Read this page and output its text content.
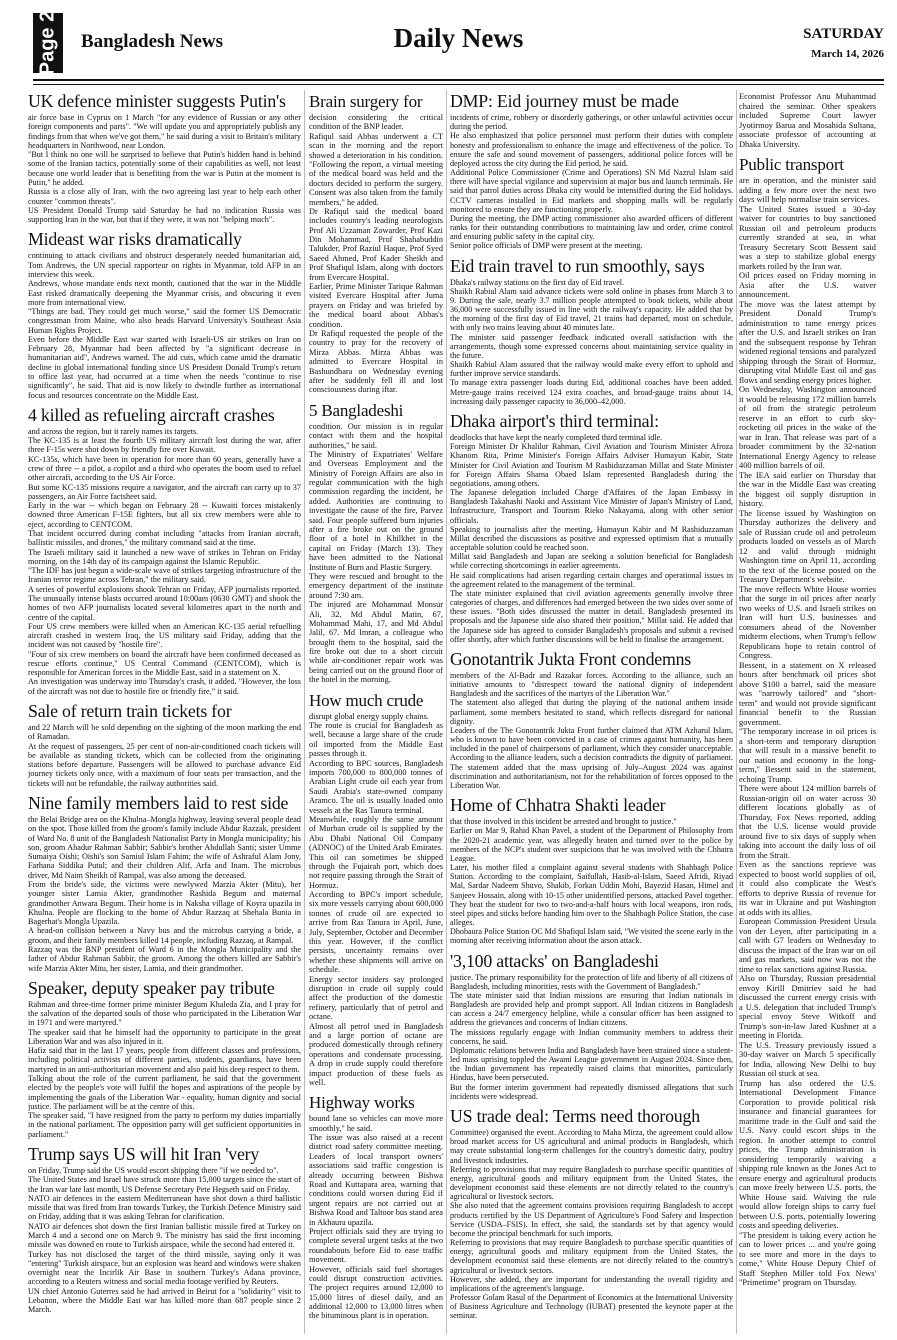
Page 2 Bangladesh News	Daily News	SATURDAY
March 14, 2026
UK defence minister suggests Putin's

air force base in Cyprus on 1 March "for any evidence of Russian or any other foreign components and parts". "We will update you and appropriately publish any findings from that when we've got them," he said during a visit to Britain's military headquarters in Northwood, near London.

"But I think no one will be surprised to believe that Putin's hidden hand is behind some of the Iranian tactics, potentially some of their capabilities as well, not least because one world leader that is benefiting from the war is Putin at the moment is Putin," he added.

Russia is a close ally of Iran, with the two agreeing last year to help each other counter "common threats".

US President Donald Trump said Saturday he had no indication Russia was supporting Iran in the war, but that if they were, it was not "helping much".

Mideast war risks dramatically

continuing to attack civilians and obstruct desperately needed humanitarian aid, Tom Andrews, the UN special rapporteur on rights in Myanmar, told AFP in an interview this week.

Andrews, whose mandate ends next month, cautioned that the war in the Middle East risked dramatically deepening the Myanmar crisis, and obscuring it even more from international view.

"Things are bad. They could get much worse," said the former US Democratic congressman from Maine, who also heads Harvard University's Southeast Asia Human Rights Project.

Even before the Middle East war started with Israeli-US air strikes on Iran on February 28, Myanmar had been affected by "a significant decrease in humanitarian aid", Andrews warned. The aid cuts, which came amid the dramatic decline in global international funding since US President Donald Trump's return to office last year, had occurred at a time when the needs "continue to rise significantly", he said. That aid is now likely to dwindle further as international focus and resources concentrate on the Middle East.

4 killed as refueling aircraft crashes

and across the region, but it rarely names its targets.

The KC-135 is at least the fourth US military aircraft lost during the war, after three F-15s were shot down by friendly fire over Kuwait.

KC-135s, which have been in operation for more than 60 years, generally have a crew of three -- a pilot, a copilot and a third who operates the boom used to refuel other aircraft, according to the US Air Force.

But some KC-135 missions require a navigator, and the aircraft can carry up to 37 passengers, an Air Force factsheet said.

Early in the war -- which began on February 28 -- Kuwaiti forces mistakenly downed three American F-15E fighters, but all six crew members were able to eject, according to CENTCOM.

That incident occurred during combat including "attacks from Iranian aircraft, ballistic missiles, and drones," the military command said at the time.

The Israeli military said it launched a new wave of strikes in Tehran on Friday morning, on the 14th day of its campaign against the Islamic Republic.

"The IDF has just begun a wide-scale wave of strikes targeting infrastructure of the Iranian terror regime across Tehran," the military said.

A series of powerful explosions shook Tehran on Friday, AFP journalists reported. The unusually intense blasts occurred around 10:00am (0630 GMT) and shook the homes of two AFP journalists located several kilometres apart in the north and centre of the capital.

Four US crew members were killed when an American KC-135 aerial refuelling aircraft crashed in western Iraq, the US military said Friday, adding that the incident was not caused by "hostile fire".

"Four of six crew members on board the aircraft have been confirmed deceased as rescue efforts continue," US Central Command (CENTCOM), which is responsible for American forces in the Middle East, said in a statement on X.

An investigation was underway into Thursday's crash, it added. "However, the loss of the aircraft was not due to hostile fire or friendly fire," it said.

Sale of return train tickets for

and 22 March will be sold depending on the sighting of the moon marking the end of Ramadan.

At the request of passengers, 25 per cent of non-air-conditioned coach tickets will be available as standing tickets, which can be collected from the originating stations before departure. Passengers will be allowed to purchase advance Eid journey tickets only once, with a maximum of four seats per transaction, and the tickets will not be refundable, the railway authorities said.

Nine family members laid to rest side

the Belai Bridge area on the Khulna–Mongla highway, leaving several people dead on the spot. Those killed from the groom's family include Abdur Razzak, president of Ward No. 8 unit of the Bangladesh Nationalist Party in Mongla municipality; his son, groom Abadur Rahman Sabbir; Sabbir's brother Abdullah Santi; sister Umme Sumaiya Oishi; Oishi's son Samiul Islam Fahim; the wife of Ashraful Alam Jony, Farhana Siddika Putul; and their children Alif, Arfa and Inam. The microbus driver, Md Naim Sheikh of Rampal, was also among the deceased.

From the bride's side, the victims were newlywed Marzia Akter (Mitu), her younger sister Lamia Akter, grandmother Rashida Begum and maternal grandmother Anwara Begum. Their home is in Naksha village of Koyra upazila in Khulna. People are flocking to the home of Abdur Razzaq at Shehala Bunia in Bagerhat's Mongla Upazila.

A head-on collision between a Navy bus and the microbus carrying a bride, a groom, and their family members killed 14 people, including Razzaq, at Rampal.

Razzaq was the BNP president of Ward 6 in the Mongla Municipality and the father of Abdur Rahman Sabbir, the groom. Among the others killed are Sabbir's wife Marzia Akter Mitu, her sister, Lamia, and their grandmother.

Speaker, deputy speaker pay tribute

Rahman and three-time former prime minister Begum Khaleda Zia, and I pray for the salvation of the departed souls of those who participated in the Liberation War in 1971 and were martyred."

The speaker said that he himself had the opportunity to participate in the great Liberation War and was also injured in it.

Hafiz said that in the last 17 years, people from different classes and professions, including political activists of different parties, students, guardians, have been martyred in an anti-authoritarian movement and also paid his deep respect to them.

Talking about the role of the current parliament, he said that the government elected by the people's vote will fulfil the hopes and aspirations of the people by implementing the goals of the Liberation War - equality, human dignity and social justice. The parliament will be at the centre of this.

The speaker said, "I have resigned from the party to perform my duties impartially in the national parliament. The opposition party will get sufficient opportunities in parliament."

Trump says US will hit Iran 'very

on Friday, Trump said the US would escort shipping there "if we needed to".

The United States and Israel have struck more than 15,000 targets since the start of the Iran war late last month, US Defense Secretary Pete Hegseth said on Friday.

NATO air defences in the eastern Mediterranean have shot down a third ballistic missile that was fired from Iran towards Turkey, the Turkish Defence Ministry said on Friday, adding that it was asking Tehran for clarification.

NATO air defences shot down the first Iranian ballistic missile fired at Turkey on March 4 and a second one on March 9. The ministry has said the first incoming missile was downed en route to Turkish airspace, while the second had entered it.

Turkey has not disclosed the target of the third missile, saying only it was "entering" Turkish airspace, but an explosion was heard and windows were shaken overnight near the Incirlik Air Base in southern Turkey's Adana province, according to a Reuters witness and social media footage verified by Reuters.

UN chief Antonio Guterres said he had arrived in Beirut for a "solidarity" visit to Lebanon, where the Middle East war has killed more than 687 people since 2 March.

Brain surgery for

decision considering the critical condition of the BNP leader.

Rafiqul said Abbas underwent a CT scan in the morning and the report showed a deterioration in his condition. "Following the report, a virtual meeting of the medical board was held and the doctors decided to perform the surgery. Consent was also taken from the family members," he added.

Dr Rafiqul said the medical board includes country's leading neurologists Prof Ali Uzzaman Zowarder, Prof Kazi Din Mohammad, Prof Shahabuddin Talukder, Prof Raziul Haque, Prof Syed Saeed Ahmed, Prof Kader Sheikh and Prof Shafiqul Islam, along with doctors from Evercare Hospital.

Earlier, Prime Minister Tarique Rahman visited Evercare Hospital after Juma prayers on Friday and was briefed by the medical board about Abbas's condition.

Dr Rafiqul requested the people of the country to pray for the recovery of Mirza Abbas. Mirza Abbas was admitted to Evercare Hospital in Bashundhara on Wednesday evening after he suddenly fell ill and lost consciousness during iftar.

5 Bangladeshi

condition. Our mission is in regular contact with them and the hospital authorities," he said.

The Ministry of Expatriates' Welfare and Overseas Employment and the Ministry of Foreign Affairs are also in regular communication with the high commission regarding the incident, he added. Authorities are continuing to investigate the cause of the fire, Parvez said. Four people suffered burn injuries after a fire broke out on the ground floor of a hotel in Khilkhet in the capital on Friday (March 13). They have been admitted to the National Institute of Burn and Plastic Surgery.

They were rescued and brought to the emergency department of the institute around 7:30 am.

The injured are Mohammad Monsur Ali, 32, Md Abdul Matin, 67, Mohammad Mahi, 17, and Md Abdul Jalil, 67. Md Imran, a colleague who brought them to the hospital, said the fire broke out due to a short circuit while air-conditioner repair work was being carried out on the ground floor of the hotel in the morning.

How much crude

disrupt global energy supply chains.

The route is crucial for Bangladesh as well, because a large share of the crude oil imported from the Middle East passes through it.

According to BPC sources, Bangladesh imports 700,000 to 800,000 tonnes of Arabian Light crude oil each year from Saudi Arabia's state-owned company Aramco. The oil is usually loaded onto vessels at the Ras Tanura terminal.

Meanwhile, roughly the same amount of Murban crude oil is supplied by the Abu Dhabi National Oil Company (ADNOC) of the United Arab Emirates. This oil can sometimes be shipped through the Fujairah port, which does not require passing through the Strait of Hormuz.

According to BPC's import schedule, six more vessels carrying about 600,000 tonnes of crude oil are expected to arrive from Ras Tanura in April, June, July, September, October and December this year. However, if the conflict persists, uncertainty remains over whether these shipments will arrive on schedule.

Energy sector insiders say prolonged disruption in crude oil supply could affect the production of the domestic refinery, particularly that of petrol and octane.

Almost all petrol used in Bangladesh and a large portion of octane are produced domestically through refinery operations and condensate processing. A drop in crude supply could therefore impact production of these fuels as well.

Highway works

bound lane so vehicles can move more smoothly," he said.

The issue was also raised at a recent district road safety committee meeting. Leaders of local transport owners' associations said traffic congestion is already occurring between Bishwa Road and Kuttapara area, warning that conditions could worsen during Eid if urgent repairs are not carried out at Bishwa Road and Taltoor bus stand area in Akhaura upazila.

Project officials said they are trying to complete several urgent tasks at the two roundabouts before Eid to ease traffic movement.

However, officials said fuel shortages could disrupt construction activities. The project requires around 12,000 to 15,000 litres of diesel daily, and an additional 12,000 to 13,000 litres when the bituminous plant is in operation.

DMP: Eid journey must be made

incidents of crime, robbery or disorderly gatherings, or other unlawful activities occur during the period.

He also emphasized that police personnel must perform their duties with complete honesty and professionalism to enhance the image and effectiveness of the police. To ensure the safe and sound movement of passengers, additional police forces will be deployed across the city during the Eid period, he said.

Additional Police Commissioner (Crime and Operations) SN Md Nazrul Islam said there will have special vigilance and supervision at major bus and launch terminals. He said that patrol duties across Dhaka city would be intensified during the Eid holidays. CCTV cameras installed in Eid markets and shopping malls will be regularly monitored to ensure they are functioning properly.

During the meeting, the DMP acting commissioner also awarded officers of different ranks for their outstanding contributions to maintaining law and order, crime control and ensuring public safety in the capital city.

Senior police officials of DMP were present at the meeting.

Eid train travel to run smoothly, says

Dhaka's railway stations on the first day of Eid travel.

Shaikh Rabiul Alam said advance tickets were sold online in phases from March 3 to 9. During the sale, nearly 3.7 million people attempted to book tickets, while about 36,000 were successfully issued in line with the railway's capacity. He added that by the morning of the first day of Eid travel, 21 trains had departed, most on schedule, with only two trains leaving about 40 minutes late.

The minister said passenger feedback indicated overall satisfaction with the arrangements, though some expressed concerns about maintaining service quality in the future.

Shaikh Rabiul Alam assured that the railway would make every effort to uphold and further improve service standards.

To manage extra passenger loads during Eid, additional coaches have been added. Metre-gauge trains received 124 extra coaches, and broad-gauge trains about 14, increasing daily passenger capacity to 36,000–42,000.

Dhaka airport's third terminal:

deadlocks that have kept the nearly completed third terminal idle.

Foreign Minister Dr Khalilur Rahman, Civil Aviation and Tourism Minister Afroza Khanom Rita, Prime Minister's Foreign Affairs Adviser Humayun Kabir, State Minister for Civil Aviation and Tourism M Rashiduzzaman Millat and State Minister for Foreign Affairs Shama Obaed Islam represented Bangladesh during the negotiations, among others.

The Japanese delegation included Charge d'Affaires of the Japan Embassy in Bangladesh Takahashi Naoki and Assistant Vice Minister of Japan's Ministry of Land, Infrastructure, Transport and Tourism Rieko Nakayama, along with other senior officials.

Speaking to journalists after the meeting, Humayun Kabir and M Rashiduzzaman Millat described the discussions as positive and expressed optimism that a mutually acceptable solution could be reached soon.

Millat said Bangladesh and Japan are seeking a solution beneficial for Bangladesh while correcting shortcomings in earlier agreements.

He said complications had arisen regarding certain charges and operational issues in the agreement related to the management of the terminal.

The state minister explained that civil aviation agreements generally involve three categories of charges, and differences had emerged between the two sides over some of these issues. "Both sides discussed the matter in detail. Bangladesh presented its proposals and the Japanese side also shared their position," Millat said. He added that the Japanese side has agreed to consider Bangladesh's proposals and submit a revised offer shortly, after which further discussions will be held to finalise the arrangement.

Gonotantrik Jukta Front condemns

members of the Al-Badr and Razakar forces. According to the alliance, such an initiative amounts to "disrespect toward the national dignity of independent Bangladesh and the sacrifices of the martyrs of the Liberation War."

The statement also alleged that during the playing of the national anthem inside parliament, some members hesitated to stand, which reflects disregard for national dignity.

Leaders of the The Gonotantrik Jukta Front further claimed that ATM Azharul Islam, who is known to have been convicted in a case of crimes against humanity, has been included in the panel of chairpersons of parliament, which they consider unacceptable. According to the alliance leaders, such a decision contradicts the dignity of parliament. The statement added that the mass uprising of July–August 2024 was against discrimination and authoritarianism, not for the rehabilitation of forces opposed to the Liberation War.

Home of Chhatra Shakti leader

that those involved in this incident be arrested and brought to justice."

Earlier on Mar 9, Rahid Khan Pavel, a student of the Department of Philosophy from the 2020-21 academic year, was allegedly beaten and turned over to the police by members of the NCP's student over suspicions that he was involved with the Chhatra League.

Later, his mother filed a complaint against several students with Shahbagh Police Station. According to the complaint, Saifullah, Hasib-al-Islam, Saeed Afridi, Riyad Mal, Sardar Nadeem Shuvo, Shakib, Forkan Uddin Mohi, Bayezid Hasan, Himel and Sanjeev Hossain, along with 10-15 other unidentified persons, attacked Pavel together. They beat the student for two to two-and-a-half hours with local weapons, iron rods, steel pipes and sticks before handing him over to the Shahbagh Police Station, the case alleges.

Dhobaura Police Station OC Md Shafiqul Islam said, "We visited the scene early in the morning after receiving information about the arson attack.

'3,100 attacks' on Bangladeshi

justice. The primary responsibility for the protection of life and liberty of all citizens of Bangladesh, including minorities, rests with the Government of Bangladesh."

The state minister said that Indian missions are ensuring that Indian nationals in Bangladesh are provided help and prompt support. All Indian citizens in Bangladesh can access a 24/7 emergency helpline, while a consular officer has been assigned to address the grievances and concerns of Indian citizens.

The missions regularly engage with Indian community members to address their concerns, he said.

Diplomatic relations between India and Bangladesh have been strained since a student-led mass uprising toppled the Awami League government in August 2024. Since then, the Indian government has repeatedly raised claims that minorities, particularly Hindus, have been persecuted.

But the former interim government had repeatedly dismissed allegations that such incidents were widespread.

US trade deal: Terms need thorough

Committee) organised the event. According to Maha Mirza, the agreement could allow broad market access for US agricultural and animal products in Bangladesh, which may create substantial long-term challenges for the country's domestic dairy, poultry and livestock industries.

Referring to provisions that may require Bangladesh to purchase specific quantities of energy, agricultural goods and military equipment from the United States, the development economist said these elements are not directly related to the country's agricultural or livestock sectors.

She also noted that the agreement contains provisions requiring Bangladesh to accept products certified by the US Department of Agriculture's Food Safety and Inspection Service (USDA–FSIS). In effect, she said, the standards set by that agency would become the principal benchmark for such imports.

Referring to provisions that may require Bangladesh to purchase specific quantities of energy, agricultural goods and military equipment from the United States, the development economist said these elements are not directly related to the country's agricultural or livestock sectors.

However, she added, they are important for understanding the overall rigidity and implications of the agreement's language.

Professor Golam Rasul of the Department of Economics at the International University of Business Agriculture and Technology (IUBAT) presented the keynote paper at the seminar.

Economist Professor Anu Muhammad chaired the seminar. Other speakers included Supreme Court lawyer Jyotirmoy Barua and Mosahida Sultana, associate professor of accounting at Dhaka University.

Public transport

are in operation, and the minister said adding a few more over the next two days will help normalise train services.

The United States issued a 30-day waiver for countries to buy sanctioned Russian oil and petroleum products currently stranded at sea, in what Treasury Secretary Scott Bessent said was a step to stabilize global energy markets roiled by the Iran war.

Oil prices eased on Friday morning in Asia after the U.S. waiver announcement.

The move was the latest attempt by President Donald Trump's administration to tame energy prices after the U.S. and Israeli strikes on Iran and the subsequent response by Tehran widened regional tensions and paralyzed shipping through the Strait of Hormuz, disrupting vital Middle East oil and gas flows and sending energy prices higher.

On Wednesday, Washington announced it would be releasing 172 million barrels of oil from the strategic petroleum reserve in an effort to curb sky-rocketing oil prices in the wake of the war in Iran. That release was part of a broader commitment by the 32-nation International Energy Agency to release 400 million barrels of oil.

The IEA said earlier on Thursday that the war in the Middle East was creating the biggest oil supply disruption in history.

The license issued by Washington on Thursday authorizes the delivery and sale of Russian crude oil and petroleum products loaded on vessels as of March 12 and valid through midnight Washington time on April 11, according to the text of the license posted on the Treasury Department's website.

The move reflects White House worries that the surge in oil prices after nearly two weeks of U.S. and Israeli strikes on Iran will hurt U.S. businesses and consumers ahead of the November midterm elections, when Trump's fellow Republicans hope to retain control of Congress.

Bessent, in a statement on X released hours after benchmark oil prices shot above $100 a barrel, said the measure was "narrowly tailored" and "short-term" and would not provide significant financial benefit to the Russian government.

"The temporary increase in oil prices is a short-term and temporary disruption that will result in a massive benefit to our nation and economy in the long-term," Bessent said in the statement, echoing Trump.

There were about 124 million barrels of Russian-origin oil on water across 30 different locations globally as of Thursday, Fox News reported, adding that the U.S. license would provide around five to six days of supply when taking into account the daily loss of oil from the Strait.

Even as the sanctions reprieve was expected to boost world supplies of oil, it could also complicate the West's efforts to deprive Russia of revenue for its war in Ukraine and put Washington at odds with its allies.

European Commission President Ursula von der Leyen, after participating in a call with G7 leaders on Wednesday to discuss the impact of the Iran war on oil and gas markets, said now was not the time to relax sanctions against Russia.

Also on Thursday, Russian presidential envoy Kirill Dmitriev said he had discussed the current energy crisis with a U.S. delegation that included Trump's special envoy Steve Witkoff and Trump's son-in-law Jared Kushner at a meeting in Florida.

The U.S. Treasury previously issued a 30-day waiver on March 5 specifically for India, allowing New Delhi to buy Russian oil stuck at sea.

Trump has also ordered the U.S. International Development Finance Corporation to provide political risk insurance and financial guarantees for maritime trade in the Gulf and said the U.S. Navy could escort ships in the region. In another attempt to control prices, the Trump administration is considering temporarily waiving a shipping rule known as the Jones Act to ensure energy and agricultural products can move freely between U.S. ports, the White House said. Waiving the rule would allow foreign ships to carry fuel between U.S. ports, potentially lowering costs and speeding deliveries.

"The president is taking every action he can to lower prices ... and you're going to see more and more in the days to come," White House Deputy Chief of Staff Stephen Miller told Fox News' "Primetime" program on Thursday.
